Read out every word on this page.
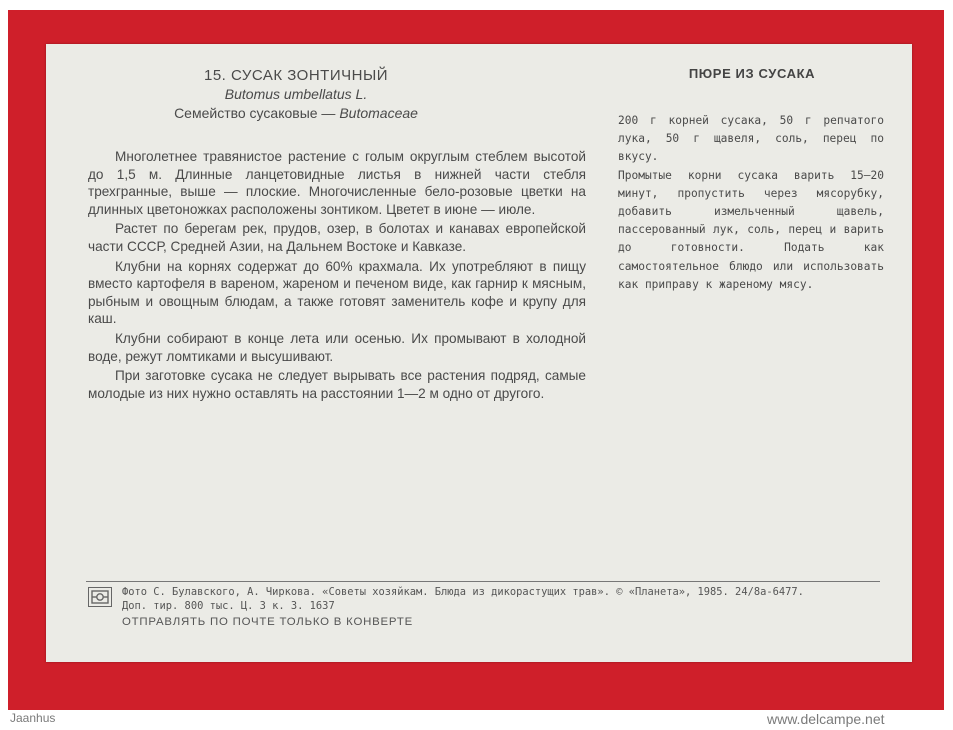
15. СУСАК ЗОНТИЧНЫЙ
Butomus umbellatus L.
Семейство сусаковые — Butomaceae

Многолетнее травянистое растение с голым округлым стеблем высотой до 1,5 м. Длинные ланцетовидные листья в нижней части стебля трехгранные, выше — плоские. Многочисленные бело-розовые цветки на длинных цветоножках расположены зонтиком. Цветет в июне — июле.

Растет по берегам рек, прудов, озер, в болотах и канавах европейской части СССР, Средней Азии, на Дальнем Востоке и Кавказе.

Клубни на корнях содержат до 60% крахмала. Их употребляют в пищу вместо картофеля в вареном, жареном и печеном виде, как гарнир к мясным, рыбным и овощным блюдам, а также готовят заменитель кофе и крупу для каш.

Клубни собирают в конце лета или осенью. Их промывают в холодной воде, режут ломтиками и высушивают.

При заготовке сусака не следует вырывать все растения подряд, самые молодые из них нужно оставлять на расстоянии 1—2 м одно от другого.

ПЮРЕ ИЗ СУСАКА

200 г корней сусака, 50 г репчатого лука, 50 г щавеля, соль, перец по вкусу.

Промытые корни сусака варить 15—20 минут, пропустить через мясорубку, добавить измельченный щавель, пассерованный лук, соль, перец и варить до готовности. Подать как самостоятельное блюдо или использовать как приправу к жареному мясу.

Фото С. Булавского, А. Чиркова. «Советы хозяйкам. Блюда из дикорастущих трав». © «Планета», 1985. 24/8а-6477.
Доп. тир. 800 тыс. Ц. 3 к. З. 1637
ОТПРАВЛЯТЬ ПО ПОЧТЕ ТОЛЬКО В КОНВЕРТЕ
Jaanhus	www.delcampe.net
